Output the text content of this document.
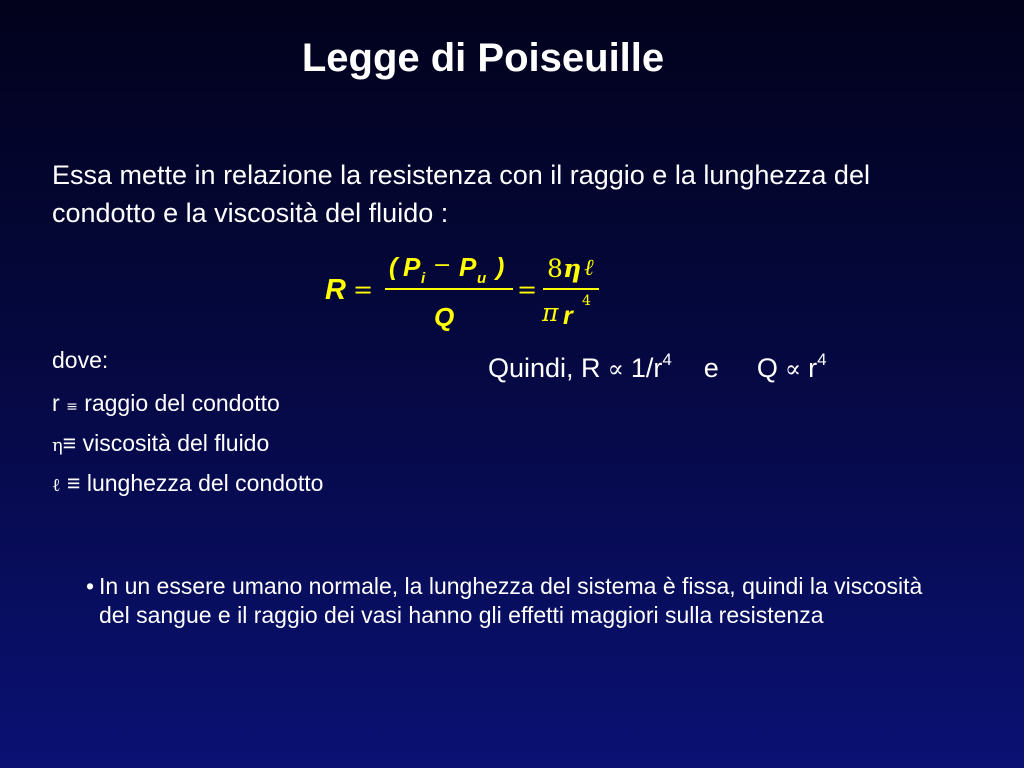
Legge di Poiseuille
Essa mette in relazione la resistenza con il raggio e la lunghezza del condotto e la viscosità del fluido :
R =
( P i
− P u )
Q
=
8 η ℓ
π r
4
dove:
r ≡ raggio del condotto
η≡ viscosità del fluido
ℓ ≡ lunghezza del condotto
Quindi, $R \propto 1/r^4$ e $Q \propto r^4$
• In un essere umano normale, la lunghezza del sistema è fissa, quindi la viscosità del sangue e il raggio dei vasi hanno gli effetti maggiori sulla resistenza
